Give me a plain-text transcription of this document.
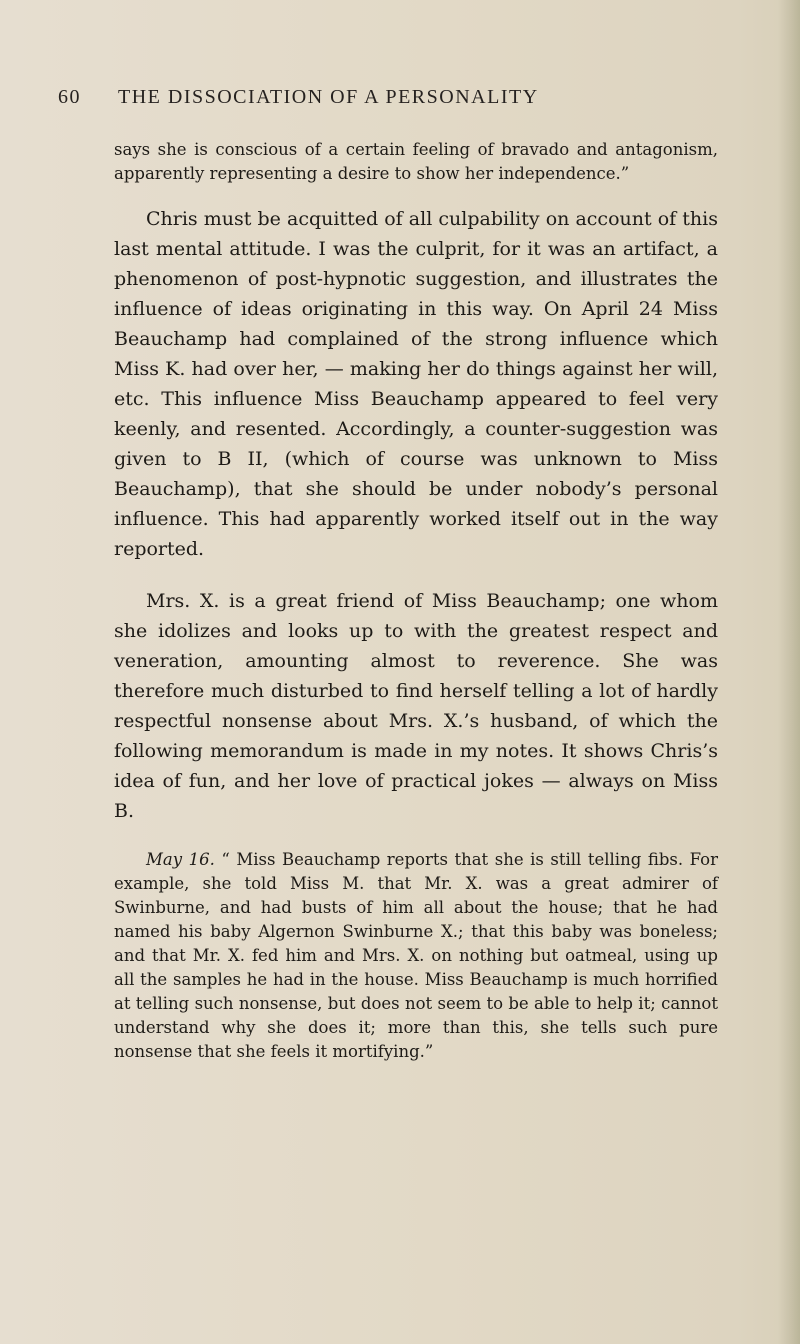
60 THE DISSOCIATION OF A PERSONALITY

says she is conscious of a certain feeling of bravado and antagonism, apparently representing a desire to show her independence.”

Chris must be acquitted of all culpability on account of this last mental attitude. I was the culprit, for it was an artifact, a phenomenon of post-hypnotic suggestion, and illustrates the influence of ideas originating in this way. On April 24 Miss Beauchamp had complained of the strong influence which Miss K. had over her, — making her do things against her will, etc. This influence Miss Beauchamp appeared to feel very keenly, and resented. Accordingly, a counter-suggestion was given to B II, (which of course was unknown to Miss Beauchamp), that she should be under nobody’s personal influence. This had apparently worked itself out in the way reported.

Mrs. X. is a great friend of Miss Beauchamp; one whom she idolizes and looks up to with the greatest respect and veneration, amounting almost to reverence. She was therefore much disturbed to find herself telling a lot of hardly respectful nonsense about Mrs. X.’s husband, of which the following memorandum is made in my notes. It shows Chris’s idea of fun, and her love of practical jokes — always on Miss B.

May 16. “ Miss Beauchamp reports that she is still telling fibs. For example, she told Miss M. that Mr. X. was a great admirer of Swinburne, and had busts of him all about the house; that he had named his baby Algernon Swinburne X.; that this baby was boneless; and that Mr. X. fed him and Mrs. X. on nothing but oatmeal, using up all the samples he had in the house. Miss Beauchamp is much horrified at telling such nonsense, but does not seem to be able to help it; cannot understand why she does it; more than this, she tells such pure nonsense that she feels it mortifying.”
